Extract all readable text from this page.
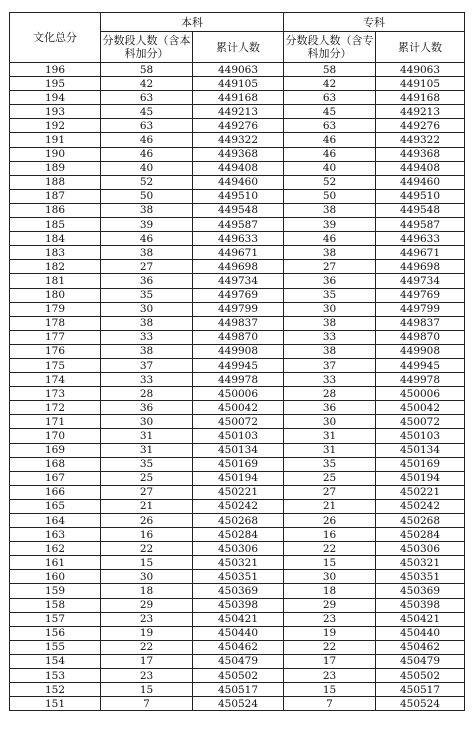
文化总分	本科		专科	
	分数段人数（含本科加分）	累计人数	分数段人数（含专科加分）	累计人数
196	58	449063	58	449063
195	42	449105	42	449105
194	63	449168	63	449168
193	45	449213	45	449213
192	63	449276	63	449276
191	46	449322	46	449322
190	46	449368	46	449368
189	40	449408	40	449408
188	52	449460	52	449460
187	50	449510	50	449510
186	38	449548	38	449548
185	39	449587	39	449587
184	46	449633	46	449633
183	38	449671	38	449671
182	27	449698	27	449698
181	36	449734	36	449734
180	35	449769	35	449769
179	30	449799	30	449799
178	38	449837	38	449837
177	33	449870	33	449870
176	38	449908	38	449908
175	37	449945	37	449945
174	33	449978	33	449978
173	28	450006	28	450006
172	36	450042	36	450042
171	30	450072	30	450072
170	31	450103	31	450103
169	31	450134	31	450134
168	35	450169	35	450169
167	25	450194	25	450194
166	27	450221	27	450221
165	21	450242	21	450242
164	26	450268	26	450268
163	16	450284	16	450284
162	22	450306	22	450306
161	15	450321	15	450321
160	30	450351	30	450351
159	18	450369	18	450369
158	29	450398	29	450398
157	23	450421	23	450421
156	19	450440	19	450440
155	22	450462	22	450462
154	17	450479	17	450479
153	23	450502	23	450502
152	15	450517	15	450517
151	7	450524	7	450524
